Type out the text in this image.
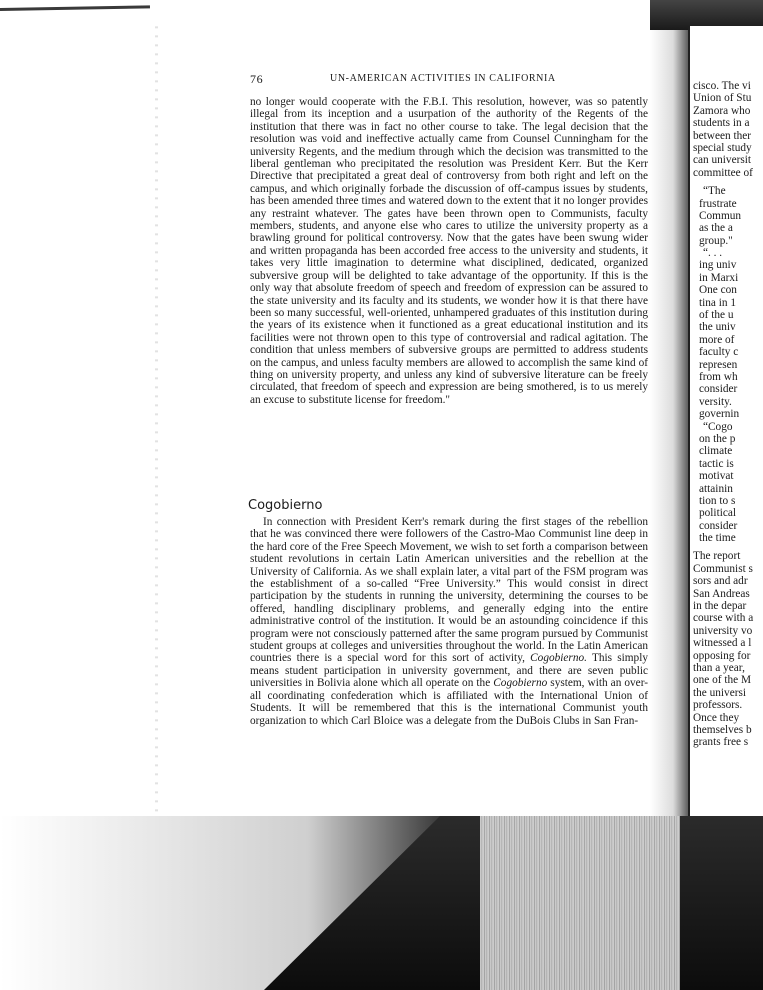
76	UN-AMERICAN ACTIVITIES IN CALIFORNIA

no longer would cooperate with the F.B.I. This resolution, however, was so patently illegal from its inception and a usurpation of the authority of the Regents of the institution that there was in fact no other course to take. The legal decision that the resolution was void and ineffective actually came from Counsel Cunningham for the university Regents, and the medium through which the decision was transmitted to the liberal gentleman who precipitated the resolution was President Kerr. But the Kerr Directive that precipitated a great deal of controversy from both right and left on the campus, and which originally forbade the discussion of off-campus issues by students, has been amended three times and watered down to the extent that it no longer provides any restraint whatever. The gates have been thrown open to Communists, faculty members, students, and anyone else who cares to utilize the university property as a brawling ground for political controversy. Now that the gates have been swung wider and written propaganda has been accorded free access to the university and students, it takes very little imagination to determine what disciplined, dedicated, organized subversive group will be delighted to take advantage of the opportunity. If this is the only way that absolute freedom of speech and freedom of expression can be assured to the state university and its faculty and its students, we wonder how it is that there have been so many successful, well-oriented, unhampered graduates of this institution during the years of its existence when it functioned as a great educational institution and its facilities were not thrown open to this type of controversial and radical agitation. The condition that unless members of subversive groups are permitted to address students on the campus, and unless faculty members are allowed to accomplish the same kind of thing on university property, and unless any kind of subversive literature can be freely circulated, that freedom of speech and expression are being smothered, is to us merely an excuse to substitute license for freedom."

Cogobierno

In connection with President Kerr's remark during the first stages of the rebellion that he was convinced there were followers of the Castro-Mao Communist line deep in the hard core of the Free Speech Movement, we wish to set forth a comparison between student revolutions in certain Latin American universities and the rebellion at the University of California. As we shall explain later, a vital part of the FSM program was the establishment of a so-called “Free University.” This would consist in direct participation by the students in running the university, determining the courses to be offered, handling disciplinary problems, and generally edging into the entire administrative control of the institution. It would be an astounding coincidence if this program were not consciously patterned after the same program pursued by Communist student groups at colleges and universities throughout the world. In the Latin American countries there is a special word for this sort of activity, Cogobierno. This simply means student participation in university government, and there are seven public universities in Bolivia alone which all operate on the Cogobierno system, with an over-all coordinating confederation which is affiliated with the International Union of Students. It will be remembered that this is the international Communist youth organization to which Carl Bloice was a delegate from the DuBois Clubs in San Fran-

cisco. The vi
Union of Stu
Zamora who
students in a
between ther
special study
can universit
committee of
“The
frustrate
Commun
as the a
group."
“. . .
ing univ
in Marxi
One con
tina in 1
of the u
the univ
more of
faculty c
represen
from wh
consider
versity.
governin
“Cogo
on the p
climate
tactic is
motivat
attainin
tion to s
political
consider
the time
The report
Communist s
sors and adr
San Andreas
in the depar
course with a
university vo
witnessed a l
opposing for
than a year,
one of the M
the universi
professors.
Once they
themselves b
grants free s
